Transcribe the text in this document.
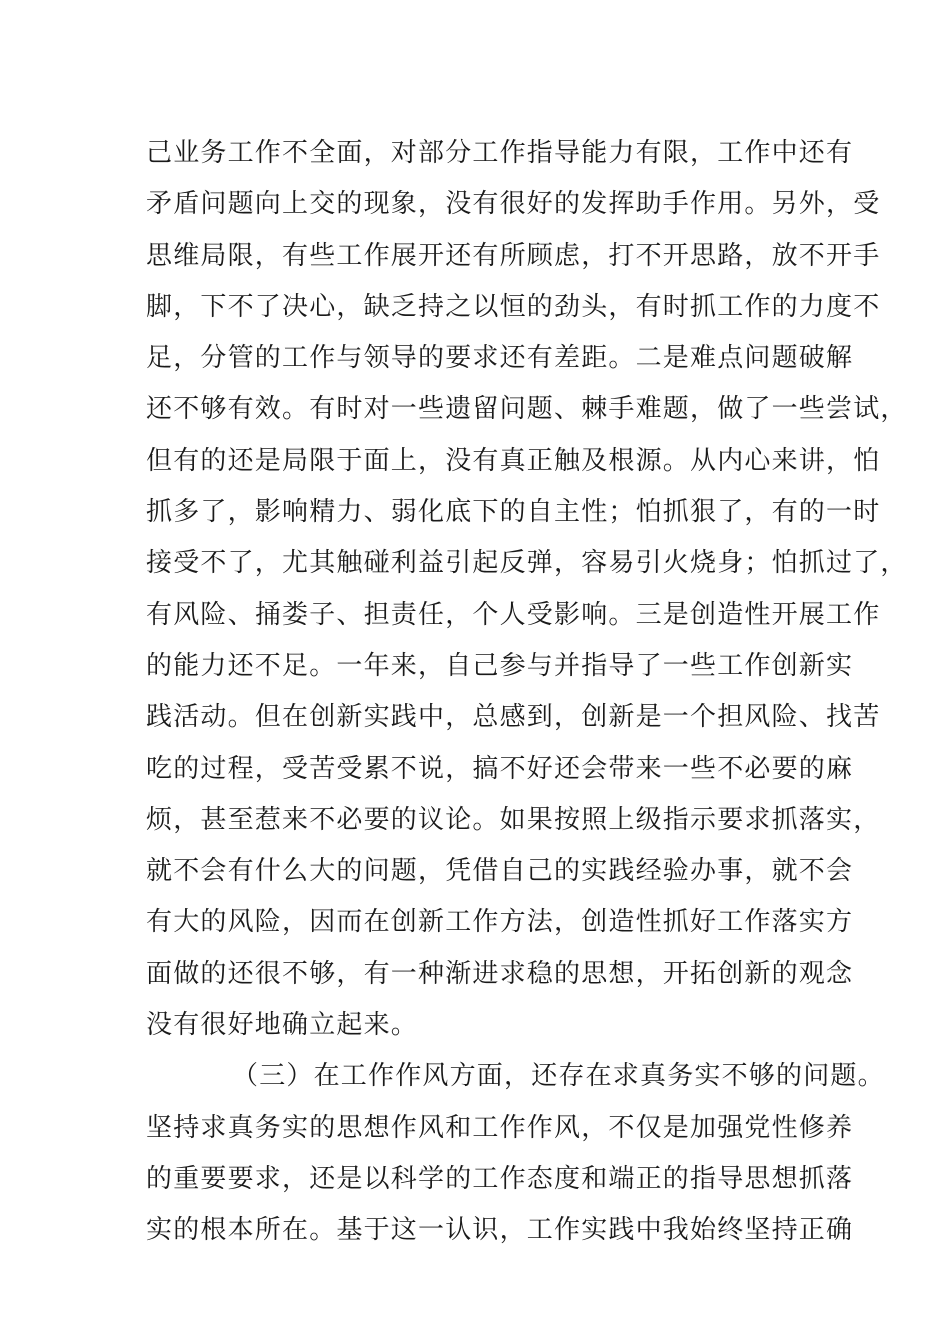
己业务工作不全面，对部分工作指导能力有限，工作中还有
矛盾问题向上交的现象，没有很好的发挥助手作用。另外，受
思维局限，有些工作展开还有所顾虑，打不开思路，放不开手
脚，下不了决心，缺乏持之以恒的劲头，有时抓工作的力度不
足，分管的工作与领导的要求还有差距。二是难点问题破解
还不够有效。有时对一些遗留问题、棘手难题，做了一些尝试，
但有的还是局限于面上，没有真正触及根源。从内心来讲，怕
抓多了，影响精力、弱化底下的自主性；怕抓狠了，有的一时
接受不了，尤其触碰利益引起反弹，容易引火烧身；怕抓过了，
有风险、捅娄子、担责任，个人受影响。三是创造性开展工作
的能力还不足。一年来，自己参与并指导了一些工作创新实
践活动。但在创新实践中，总感到，创新是一个担风险、找苦
吃的过程，受苦受累不说，搞不好还会带来一些不必要的麻
烦，甚至惹来不必要的议论。如果按照上级指示要求抓落实，
就不会有什么大的问题，凭借自己的实践经验办事，就不会
有大的风险，因而在创新工作方法，创造性抓好工作落实方
面做的还很不够，有一种渐进求稳的思想，开拓创新的观念
没有很好地确立起来。
（三）在工作作风方面，还存在求真务实不够的问题。
坚持求真务实的思想作风和工作作风，不仅是加强党性修养
的重要要求，还是以科学的工作态度和端正的指导思想抓落
实的根本所在。基于这一认识，工作实践中我始终坚持正确
